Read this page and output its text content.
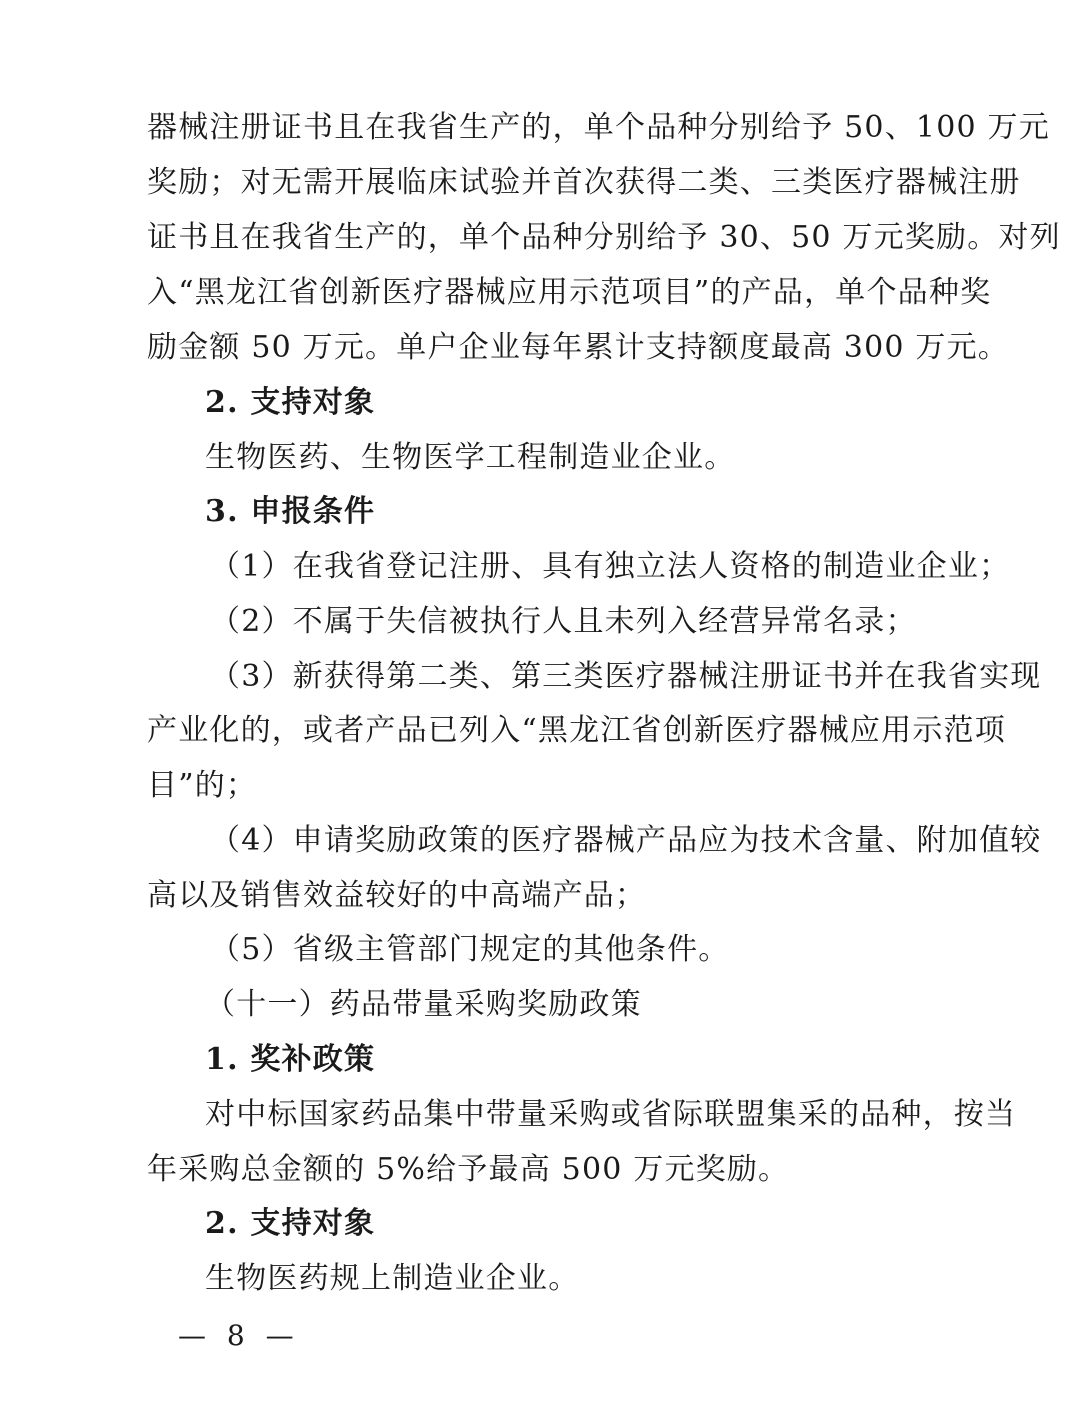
器械注册证书且在我省生产的，单个品种分别给予 50、100 万元
奖励；对无需开展临床试验并首次获得二类、三类医疗器械注册
证书且在我省生产的，单个品种分别给予 30、50 万元奖励。对列
入“黑龙江省创新医疗器械应用示范项目”的产品，单个品种奖
励金额 50 万元。单户企业每年累计支持额度最高 300 万元。
2. 支持对象
生物医药、生物医学工程制造业企业。
3. 申报条件
（1）在我省登记注册、具有独立法人资格的制造业企业；
（2）不属于失信被执行人且未列入经营异常名录；
（3）新获得第二类、第三类医疗器械注册证书并在我省实现
产业化的，或者产品已列入“黑龙江省创新医疗器械应用示范项
目”的；
（4）申请奖励政策的医疗器械产品应为技术含量、附加值较
高以及销售效益较好的中高端产品；
（5）省级主管部门规定的其他条件。
（十一）药品带量采购奖励政策
1. 奖补政策
对中标国家药品集中带量采购或省际联盟集采的品种，按当
年采购总金额的 5%给予最高 500 万元奖励。
2. 支持对象
生物医药规上制造业企业。
— 8 —
